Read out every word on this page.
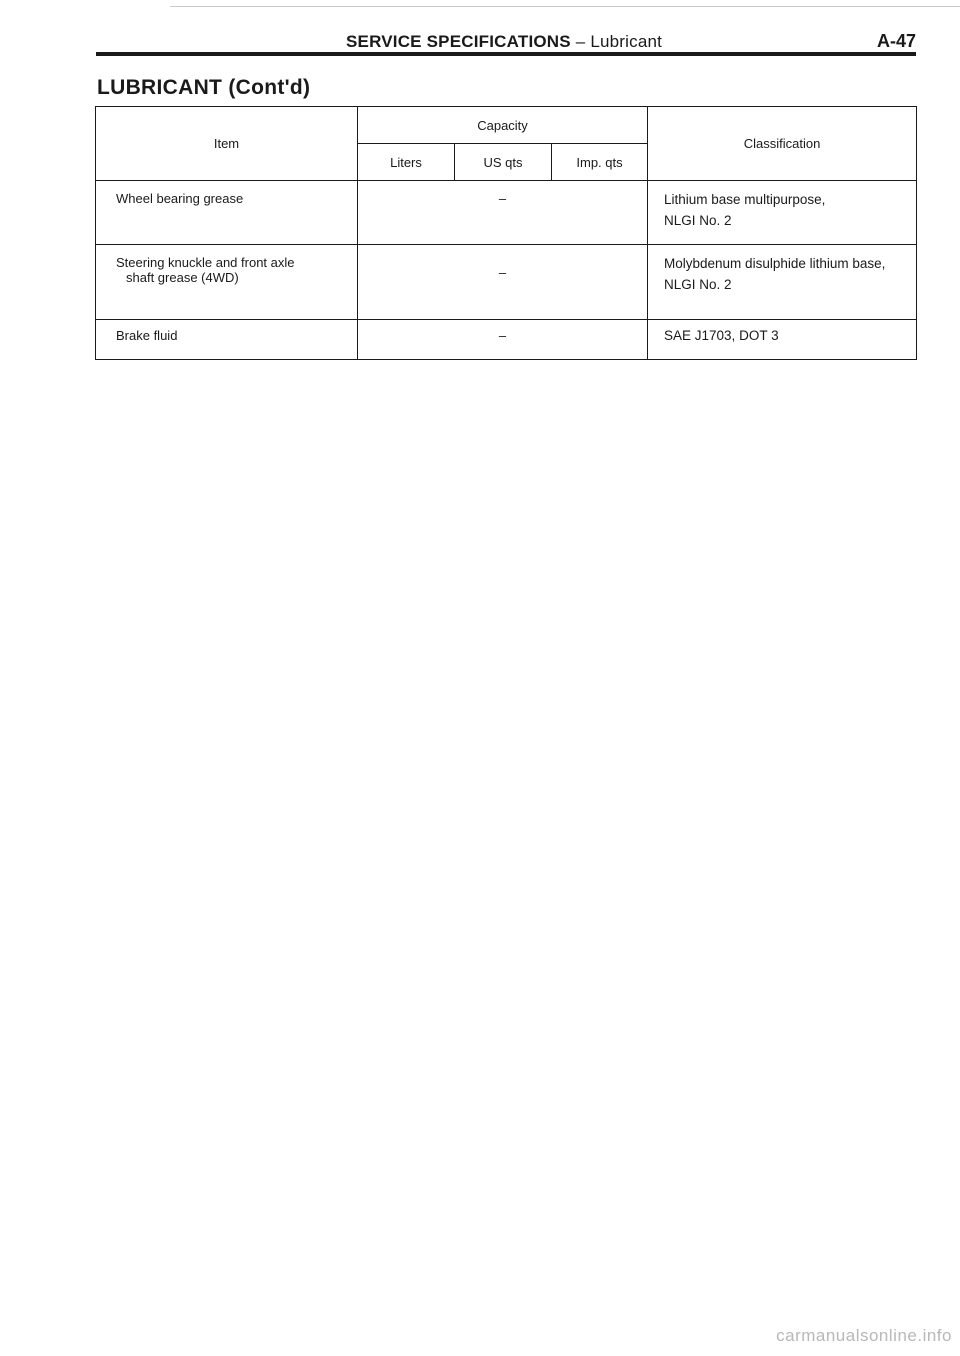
SERVICE SPECIFICATIONS – Lubricant	A-47
LUBRICANT (Cont'd)
Item	Capacity			Classification
	Liters	US qts	Imp. qts	

Wheel bearing grease	–			Lithium base multipurpose,
NLGI No. 2

Steering knuckle and front axle
shaft grease (4WD)	–			Molybdenum disulphide lithium base,
NLGI No. 2

Brake fluid	–			SAE J1703, DOT 3
carmanualsonline.info
